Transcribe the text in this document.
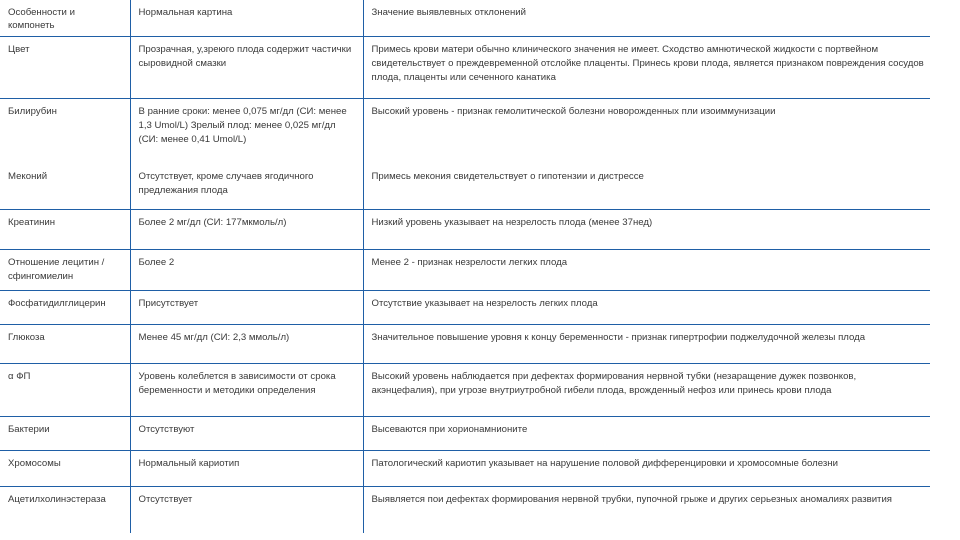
Особенности и компонеть	Нормальная картина	Значение выявлевных отклонений
Цвет	Прозрачная, у,зреюго плода содержит частички сыровидной смазки	Примесь крови матери обычно клинического значения не имеет. Сходство амнютической жидкости с портвейном свидетельствует о преждевременной отслойке плаценты. Принесь крови плода, является признаком повреждения сосудов плода, плаценты или сеченного канатика
Билирубин	В ранние сроки: менее 0,075 мг/дл (СИ: менее 1,3 Umol/L) Зрелый плод: менее 0,025 мг/дл (СИ: менее 0,41 Umol/L)	Высокий уровень - признак гемолитической болезни новорожденных пли изоиммунизации
Меконий	Отсутствует, кроме случаев ягодичного предлежания плода	Примесь мекония свидетельствует о гипотензии и дистрессе
Креатинин	Более 2 мг/дл (СИ: 177мкмоль/л)	Низкий уровень указывает на незрелость плода (менее 37нед)
Отношение лецитин / сфингомиелин	Более 2	Менее 2 - признак незрелости легких плода
Фосфатидилглицерин	Присутствует	Отсутствие указывает на незрелость легких плода
Глюкоза	Менее 45 мг/дл (СИ: 2,3 ммоль/л)	Значительное повышение уровня к концу беременности - признак гипертрофии поджелудочной железы плода
α ФП	Уровень колеблется в зависимости от срока беременности и методики определения	Высокий уровень наблюдается при дефектах формирования нервной тубки (незаращение дужек позвонков, акэнцефалия), при угрозе внутриутробной гибели плода, врожденный нефоз или принесь крови плода
Бактерии	Отсутствуют	Высеваются при хорионамнионите
Хромосомы	Нормальный кариотип	Патологический кариотип указывает на нарушение половой дифференцировки и хромосомные болезни
Ацетилхолинэстераза	Отсутствует	Выявляется пои дефектах формирования нервной трубки, пупочной грыже и других серьезных аномалиях развития
